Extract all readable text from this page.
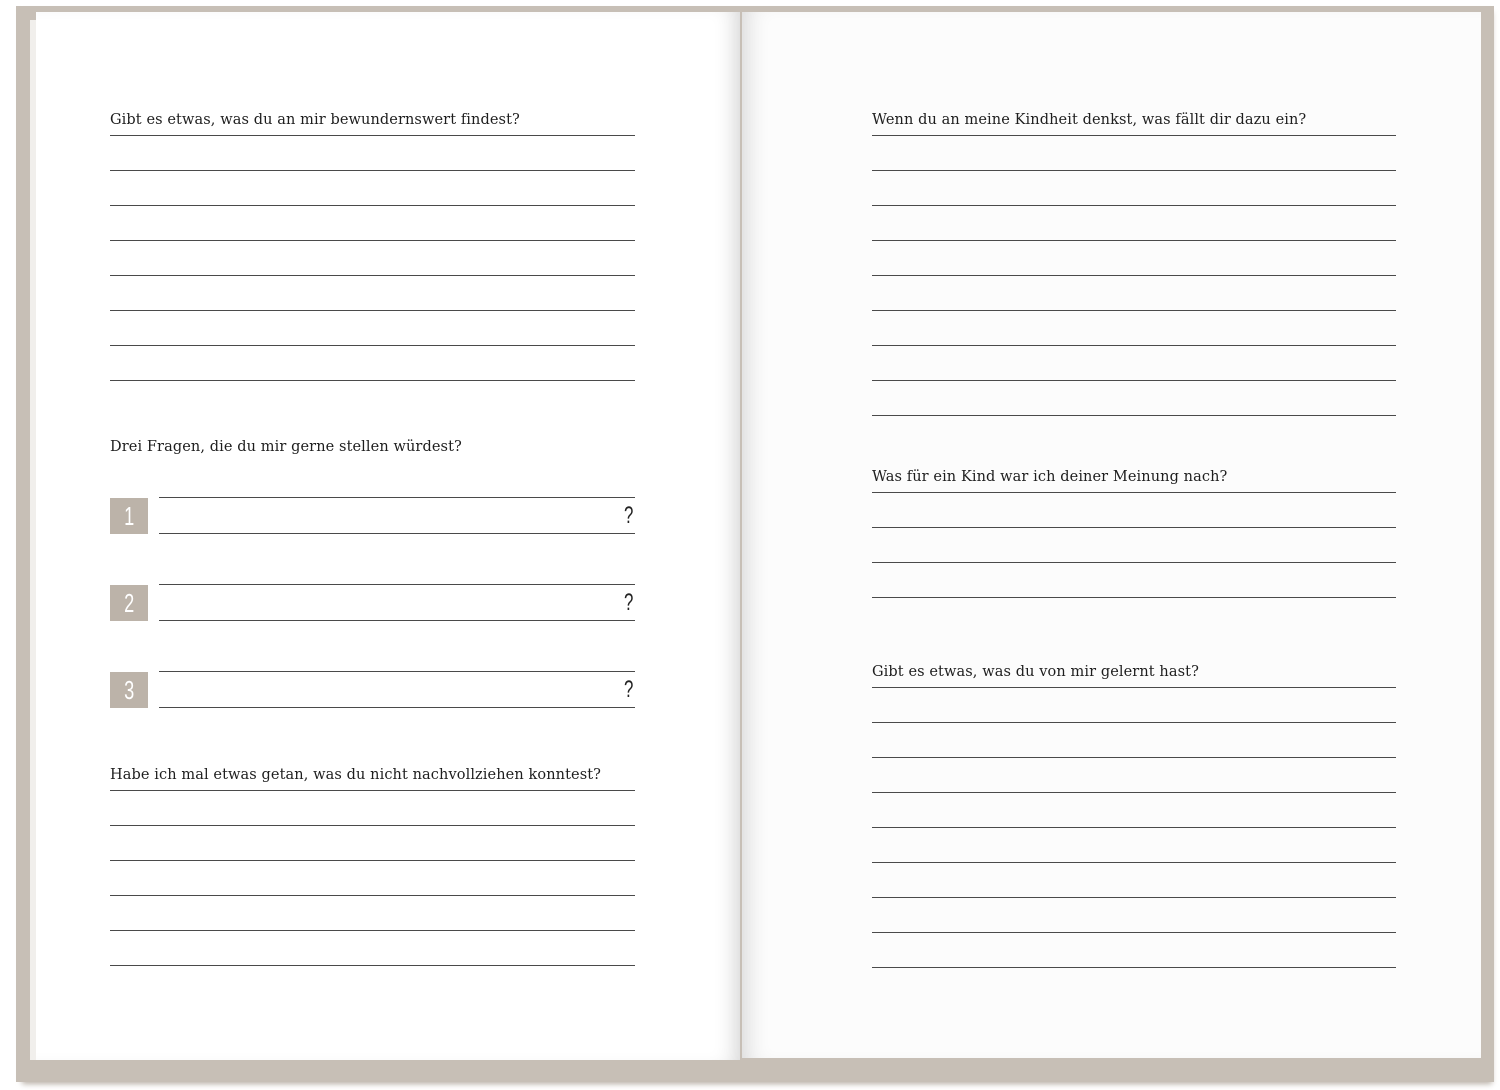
Gibt es etwas, was du an mir bewundernswert findest?
Drei Fragen, die du mir gerne stellen würdest?
1	?
2	?
3	?
Habe ich mal etwas getan, was du nicht nachvollziehen konntest?
Wenn du an meine Kindheit denkst, was fällt dir dazu ein?
Was für ein Kind war ich deiner Meinung nach?
Gibt es etwas, was du von mir gelernt hast?
